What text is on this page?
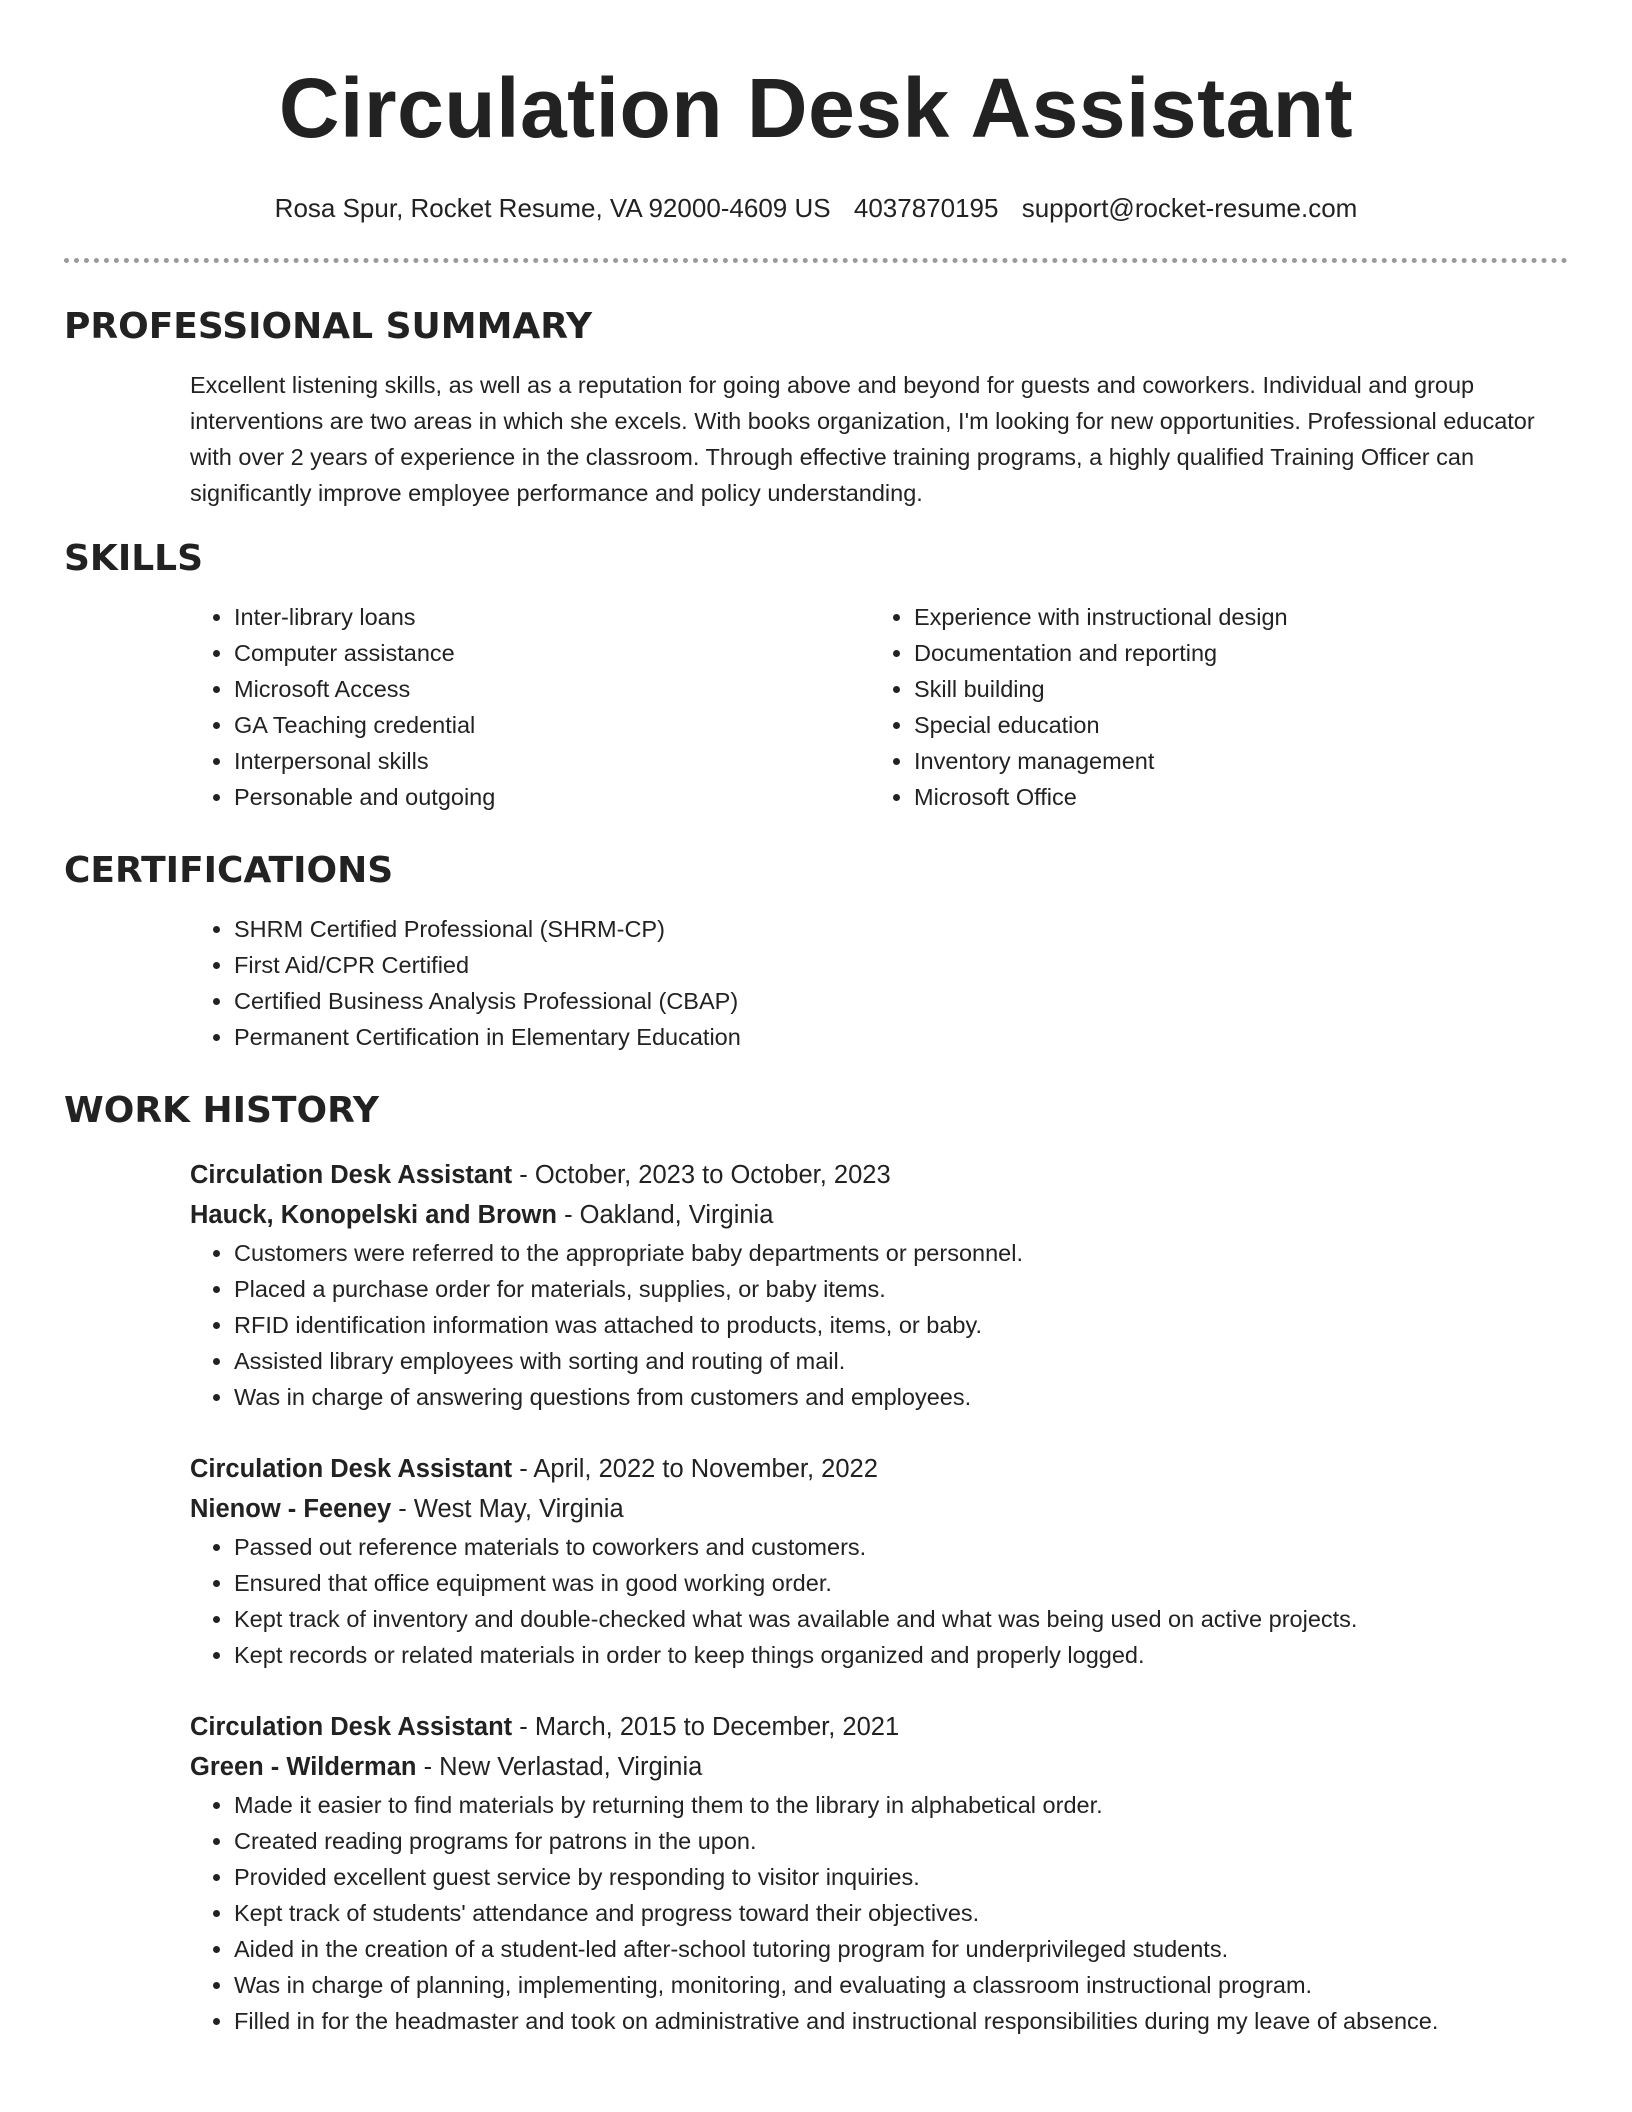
Circulation Desk Assistant
Rosa Spur, Rocket Resume, VA 92000-4609 US 4037870195 support@rocket-resume.com
PROFESSIONAL SUMMARY
Excellent listening skills, as well as a reputation for going above and beyond for guests and coworkers. Individual and group interventions are two areas in which she excels. With books organization, I'm looking for new opportunities. Professional educator with over 2 years of experience in the classroom. Through effective training programs, a highly qualified Training Officer can significantly improve employee performance and policy understanding.
SKILLS
• Inter-library loans
• Computer assistance
• Microsoft Access
• GA Teaching credential
• Interpersonal skills
• Personable and outgoing
• Experience with instructional design
• Documentation and reporting
• Skill building
• Special education
• Inventory management
• Microsoft Office
CERTIFICATIONS
• SHRM Certified Professional (SHRM-CP)
• First Aid/CPR Certified
• Certified Business Analysis Professional (CBAP)
• Permanent Certification in Elementary Education
WORK HISTORY
Circulation Desk Assistant - October, 2023 to October, 2023
Hauck, Konopelski and Brown - Oakland, Virginia
• Customers were referred to the appropriate baby departments or personnel.
• Placed a purchase order for materials, supplies, or baby items.
• RFID identification information was attached to products, items, or baby.
• Assisted library employees with sorting and routing of mail.
• Was in charge of answering questions from customers and employees.
Circulation Desk Assistant - April, 2022 to November, 2022
Nienow - Feeney - West May, Virginia
• Passed out reference materials to coworkers and customers.
• Ensured that office equipment was in good working order.
• Kept track of inventory and double-checked what was available and what was being used on active projects.
• Kept records or related materials in order to keep things organized and properly logged.
Circulation Desk Assistant - March, 2015 to December, 2021
Green - Wilderman - New Verlastad, Virginia
• Made it easier to find materials by returning them to the library in alphabetical order.
• Created reading programs for patrons in the upon.
• Provided excellent guest service by responding to visitor inquiries.
• Kept track of students' attendance and progress toward their objectives.
• Aided in the creation of a student-led after-school tutoring program for underprivileged students.
• Was in charge of planning, implementing, monitoring, and evaluating a classroom instructional program.
• Filled in for the headmaster and took on administrative and instructional responsibilities during my leave of absence.
